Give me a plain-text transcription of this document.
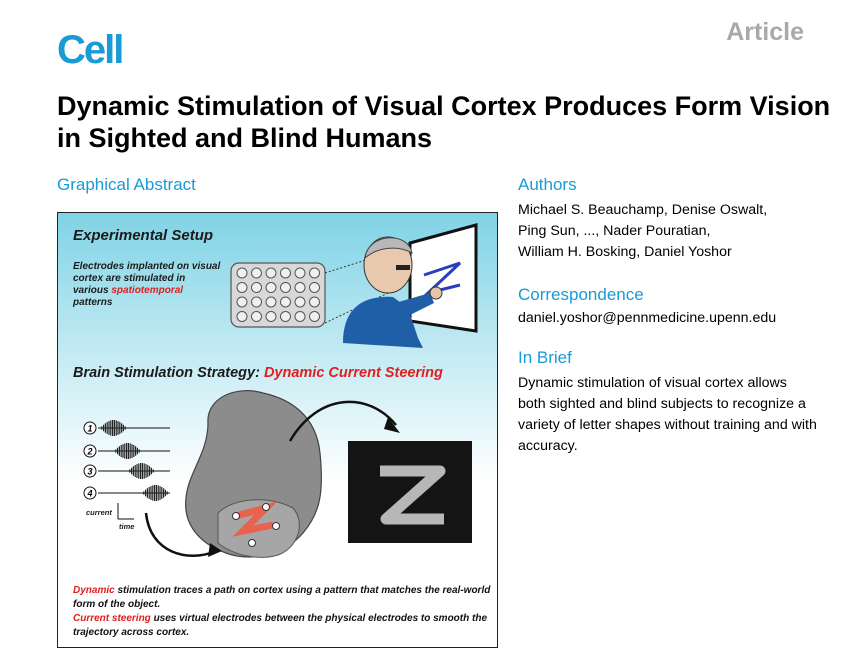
Cell	Article
Dynamic Stimulation of Visual Cortex Produces Form Vision in Sighted and Blind Humans
Graphical Abstract
1
2
3
4
Experimental Setup
Electrodes implanted on visual cortex are stimulated in various spatiotemporal patterns
Brain Stimulation Strategy: Dynamic Current Steering
current
time
Dynamic stimulation traces a path on cortex using a pattern that matches the real-world form of the object.
Current steering uses virtual electrodes between the physical electrodes to smooth the trajectory across cortex.
Authors
Michael S. Beauchamp, Denise Oswalt,
Ping Sun, ..., Nader Pouratian,
William H. Bosking, Daniel Yoshor
Correspondence
daniel.yoshor@pennmedicine.upenn.edu
In Brief
Dynamic stimulation of visual cortex allows both sighted and blind subjects to recognize a variety of letter shapes without training and with accuracy.
